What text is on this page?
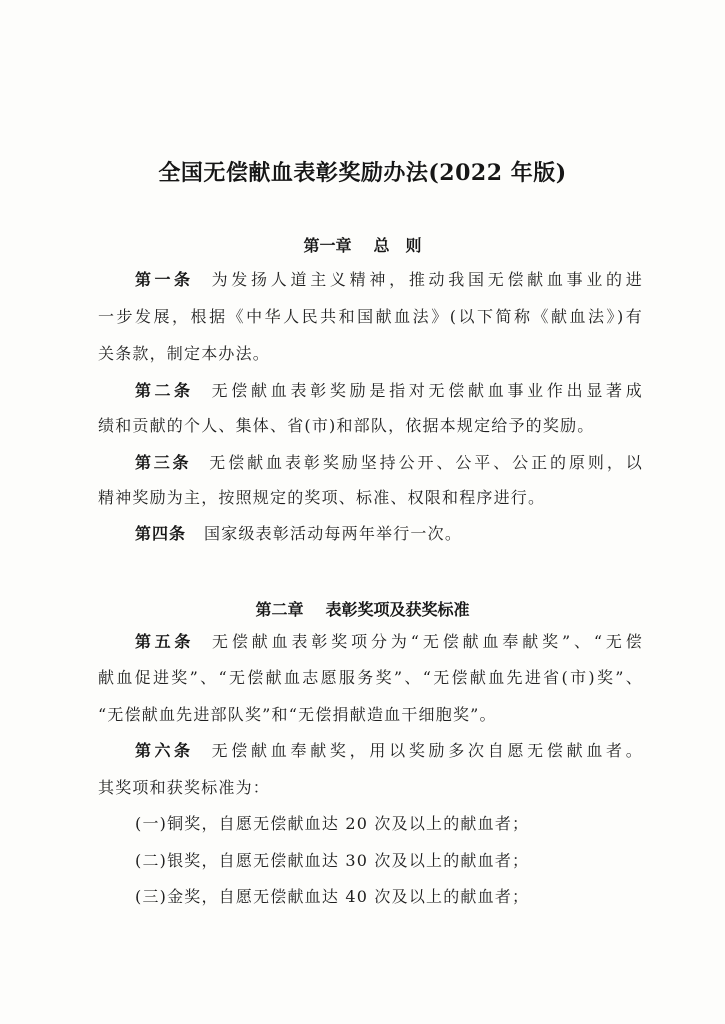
全国无偿献血表彰奖励办法(2022 年版)
第一章 总　则
第一条 为发扬人道主义精神，推动我国无偿献血事业的进
一步发展，根据《中华人民共和国献血法》(以下简称《献血法》)有
关条款，制定本办法。
第二条 无偿献血表彰奖励是指对无偿献血事业作出显著成
绩和贡献的个人、集体、省(市)和部队，依据本规定给予的奖励。
第三条 无偿献血表彰奖励坚持公开、公平、公正的原则，以
精神奖励为主，按照规定的奖项、标准、权限和程序进行。
第四条 国家级表彰活动每两年举行一次。
第二章 表彰奖项及获奖标准
第五条 无偿献血表彰奖项分为“无偿献血奉献奖”、“无偿
献血促进奖”、“无偿献血志愿服务奖”、“无偿献血先进省(市)奖”、
“无偿献血先进部队奖”和“无偿捐献造血干细胞奖”。
第六条 无偿献血奉献奖，用以奖励多次自愿无偿献血者。
其奖项和获奖标准为：
(一)铜奖，自愿无偿献血达 20 次及以上的献血者；
(二)银奖，自愿无偿献血达 30 次及以上的献血者；
(三)金奖，自愿无偿献血达 40 次及以上的献血者；
